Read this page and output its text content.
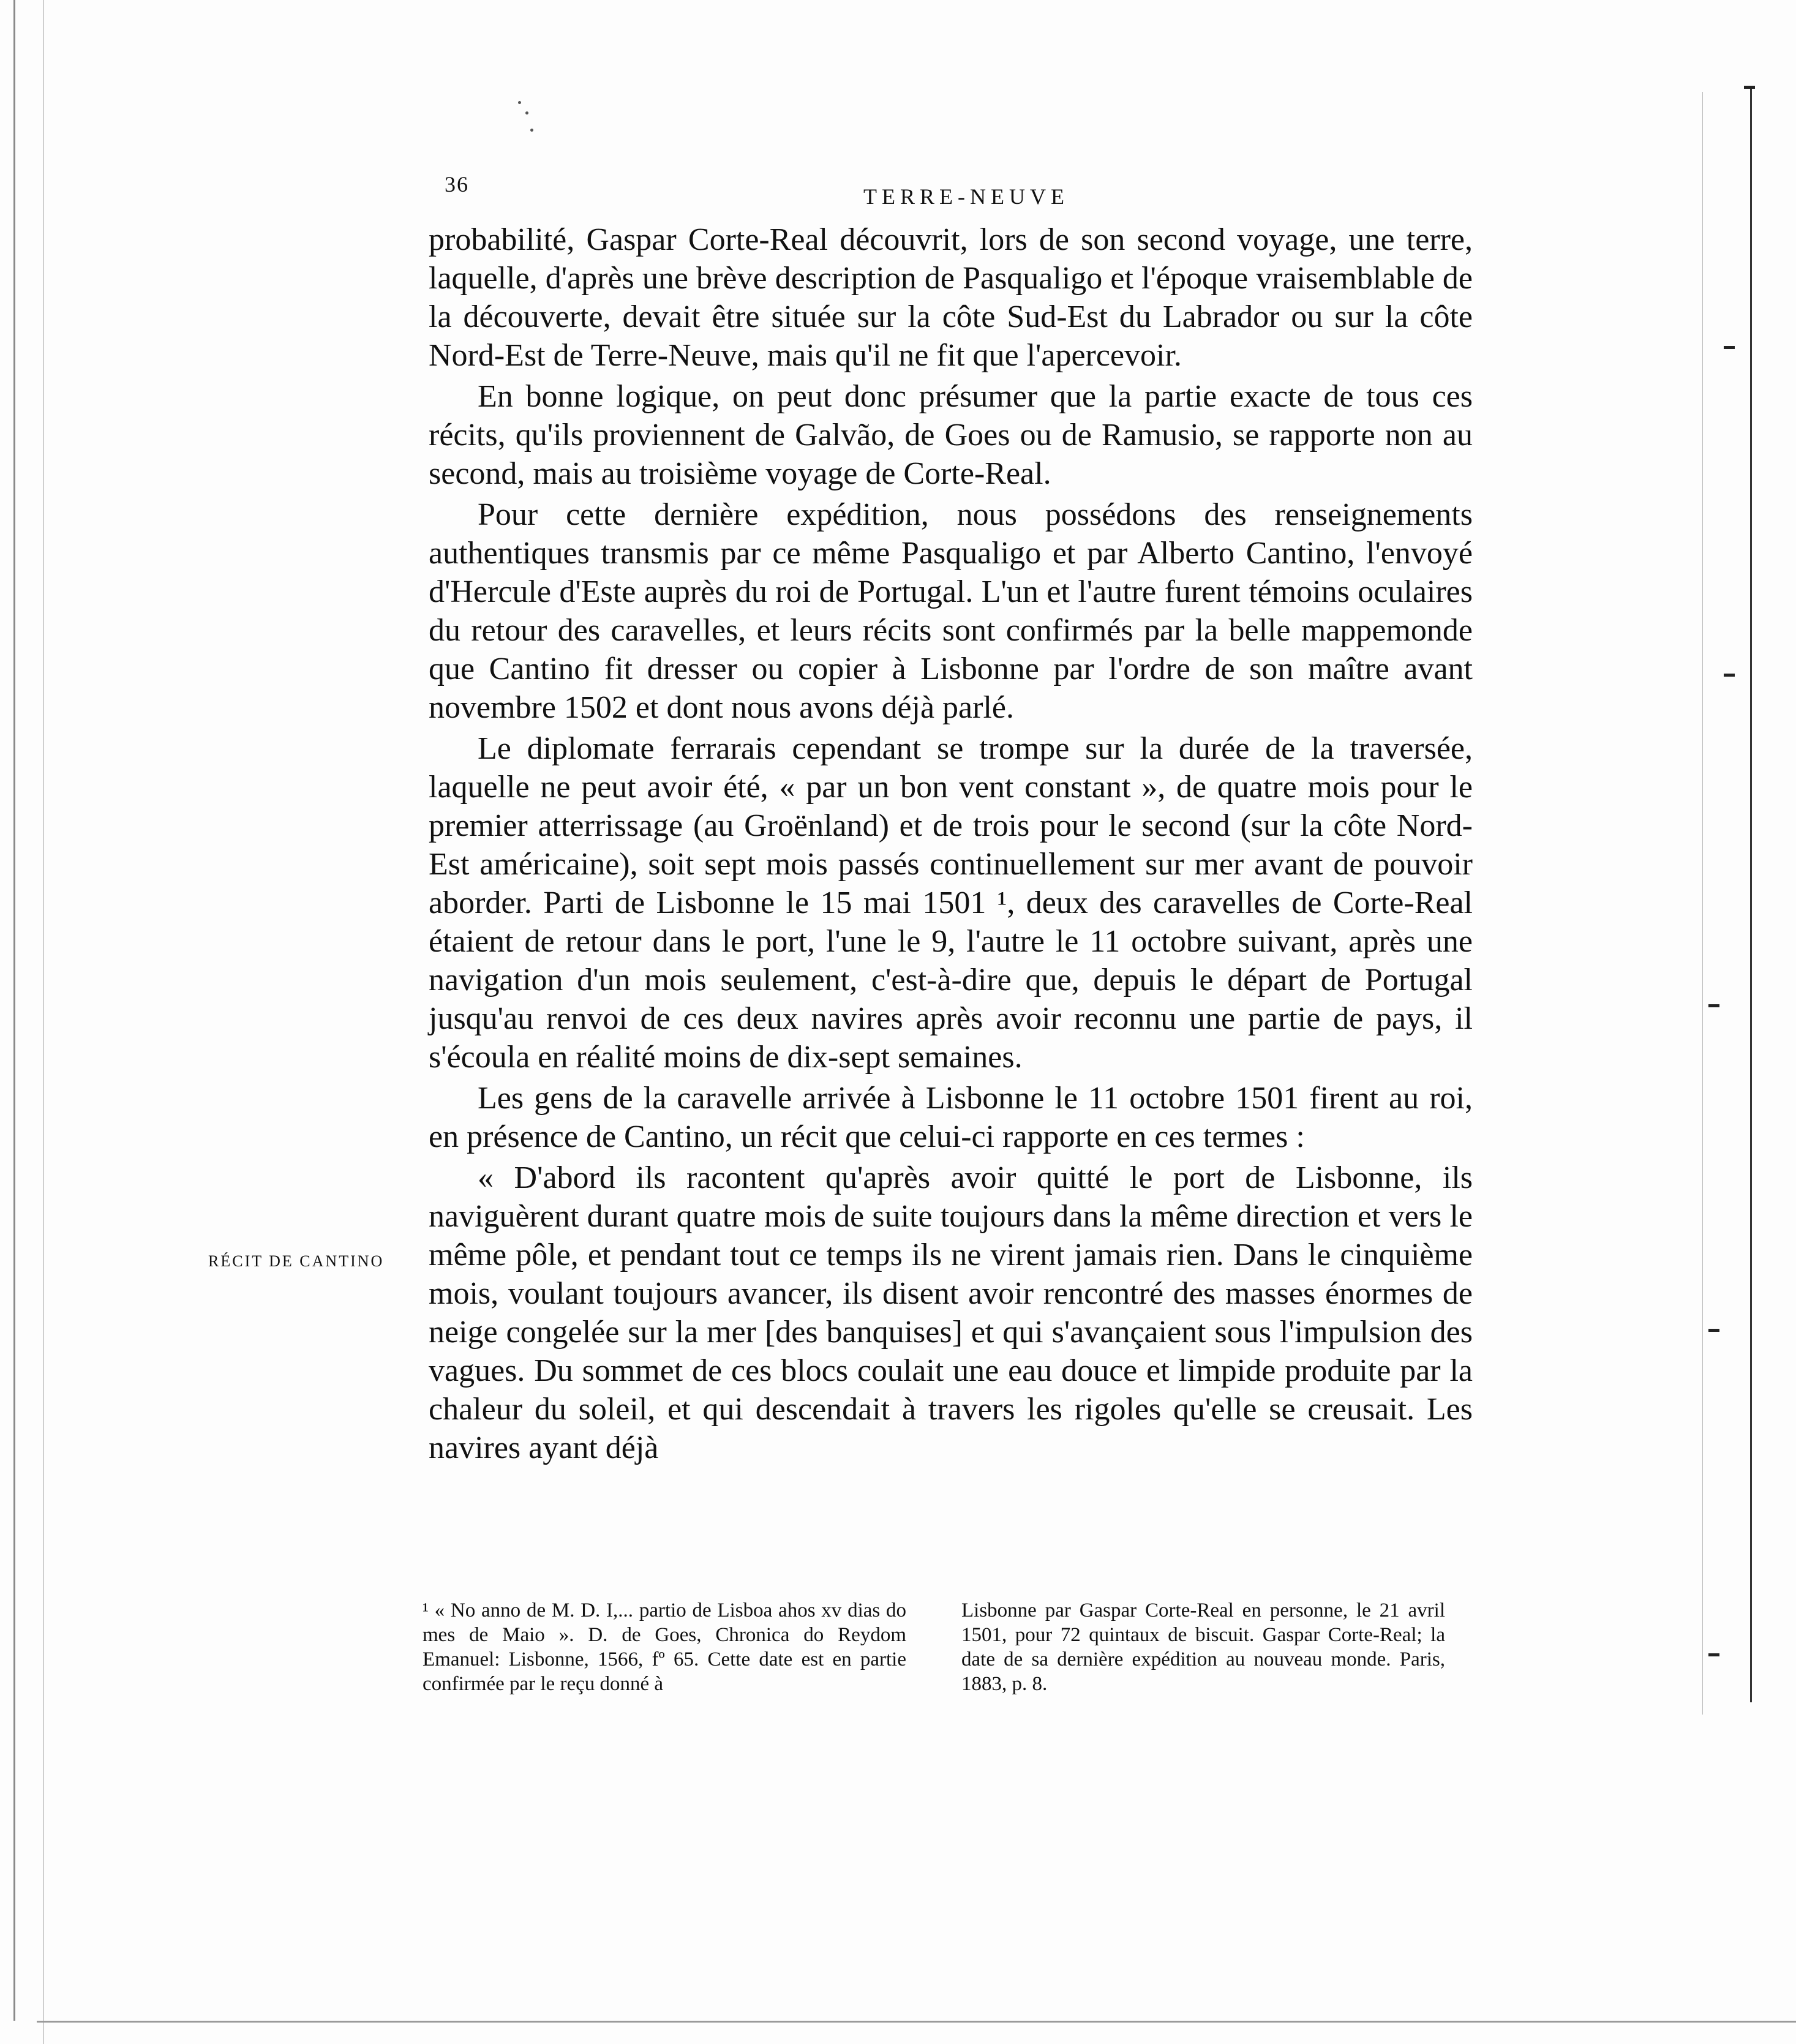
36	TERRE-NEUVE
RÉCIT DE CANTINO

probabilité, Gaspar Corte-Real découvrit, lors de son second voyage, une terre, laquelle, d'après une brève description de Pasqualigo et l'époque vraisemblable de la découverte, devait être située sur la côte Sud-Est du Labrador ou sur la côte Nord-Est de Terre-Neuve, mais qu'il ne fit que l'apercevoir.

En bonne logique, on peut donc présumer que la partie exacte de tous ces récits, qu'ils proviennent de Galvão, de Goes ou de Ramusio, se rapporte non au second, mais au troisième voyage de Corte-Real.

Pour cette dernière expédition, nous possédons des renseignements authentiques transmis par ce même Pasqualigo et par Alberto Cantino, l'envoyé d'Hercule d'Este auprès du roi de Portugal. L'un et l'autre furent témoins oculaires du retour des caravelles, et leurs récits sont confirmés par la belle mappemonde que Cantino fit dresser ou copier à Lisbonne par l'ordre de son maître avant novembre 1502 et dont nous avons déjà parlé.

Le diplomate ferrarais cependant se trompe sur la durée de la traversée, laquelle ne peut avoir été, « par un bon vent constant », de quatre mois pour le premier atterrissage (au Groënland) et de trois pour le second (sur la côte Nord-Est américaine), soit sept mois passés continuellement sur mer avant de pouvoir aborder. Parti de Lisbonne le 15 mai 1501 ¹, deux des caravelles de Corte-Real étaient de retour dans le port, l'une le 9, l'autre le 11 octobre suivant, après une navigation d'un mois seulement, c'est-à-dire que, depuis le départ de Portugal jusqu'au renvoi de ces deux navires après avoir reconnu une partie de pays, il s'écoula en réalité moins de dix-sept semaines.

Les gens de la caravelle arrivée à Lisbonne le 11 octobre 1501 firent au roi, en présence de Cantino, un récit que celui-ci rapporte en ces termes :

« D'abord ils racontent qu'après avoir quitté le port de Lisbonne, ils naviguèrent durant quatre mois de suite toujours dans la même direction et vers le même pôle, et pendant tout ce temps ils ne virent jamais rien. Dans le cinquième mois, voulant toujours avancer, ils disent avoir rencontré des masses énormes de neige congelée sur la mer [des banquises] et qui s'avançaient sous l'impulsion des vagues. Du sommet de ces blocs coulait une eau douce et limpide produite par la chaleur du soleil, et qui descendait à travers les rigoles qu'elle se creusait. Les navires ayant déjà

¹ « No anno de M. D. I,... partio de Lisboa ahos xv dias do mes de Maio ». D. de Goes, Chronica do Reydom Emanuel: Lisbonne, 1566, fº 65. Cette date est en partie confirmée par le reçu donné à
Lisbonne par Gaspar Corte-Real en personne, le 21 avril 1501, pour 72 quintaux de biscuit. Gaspar Corte-Real; la date de sa dernière expédition au nouveau monde. Paris, 1883, p. 8.
